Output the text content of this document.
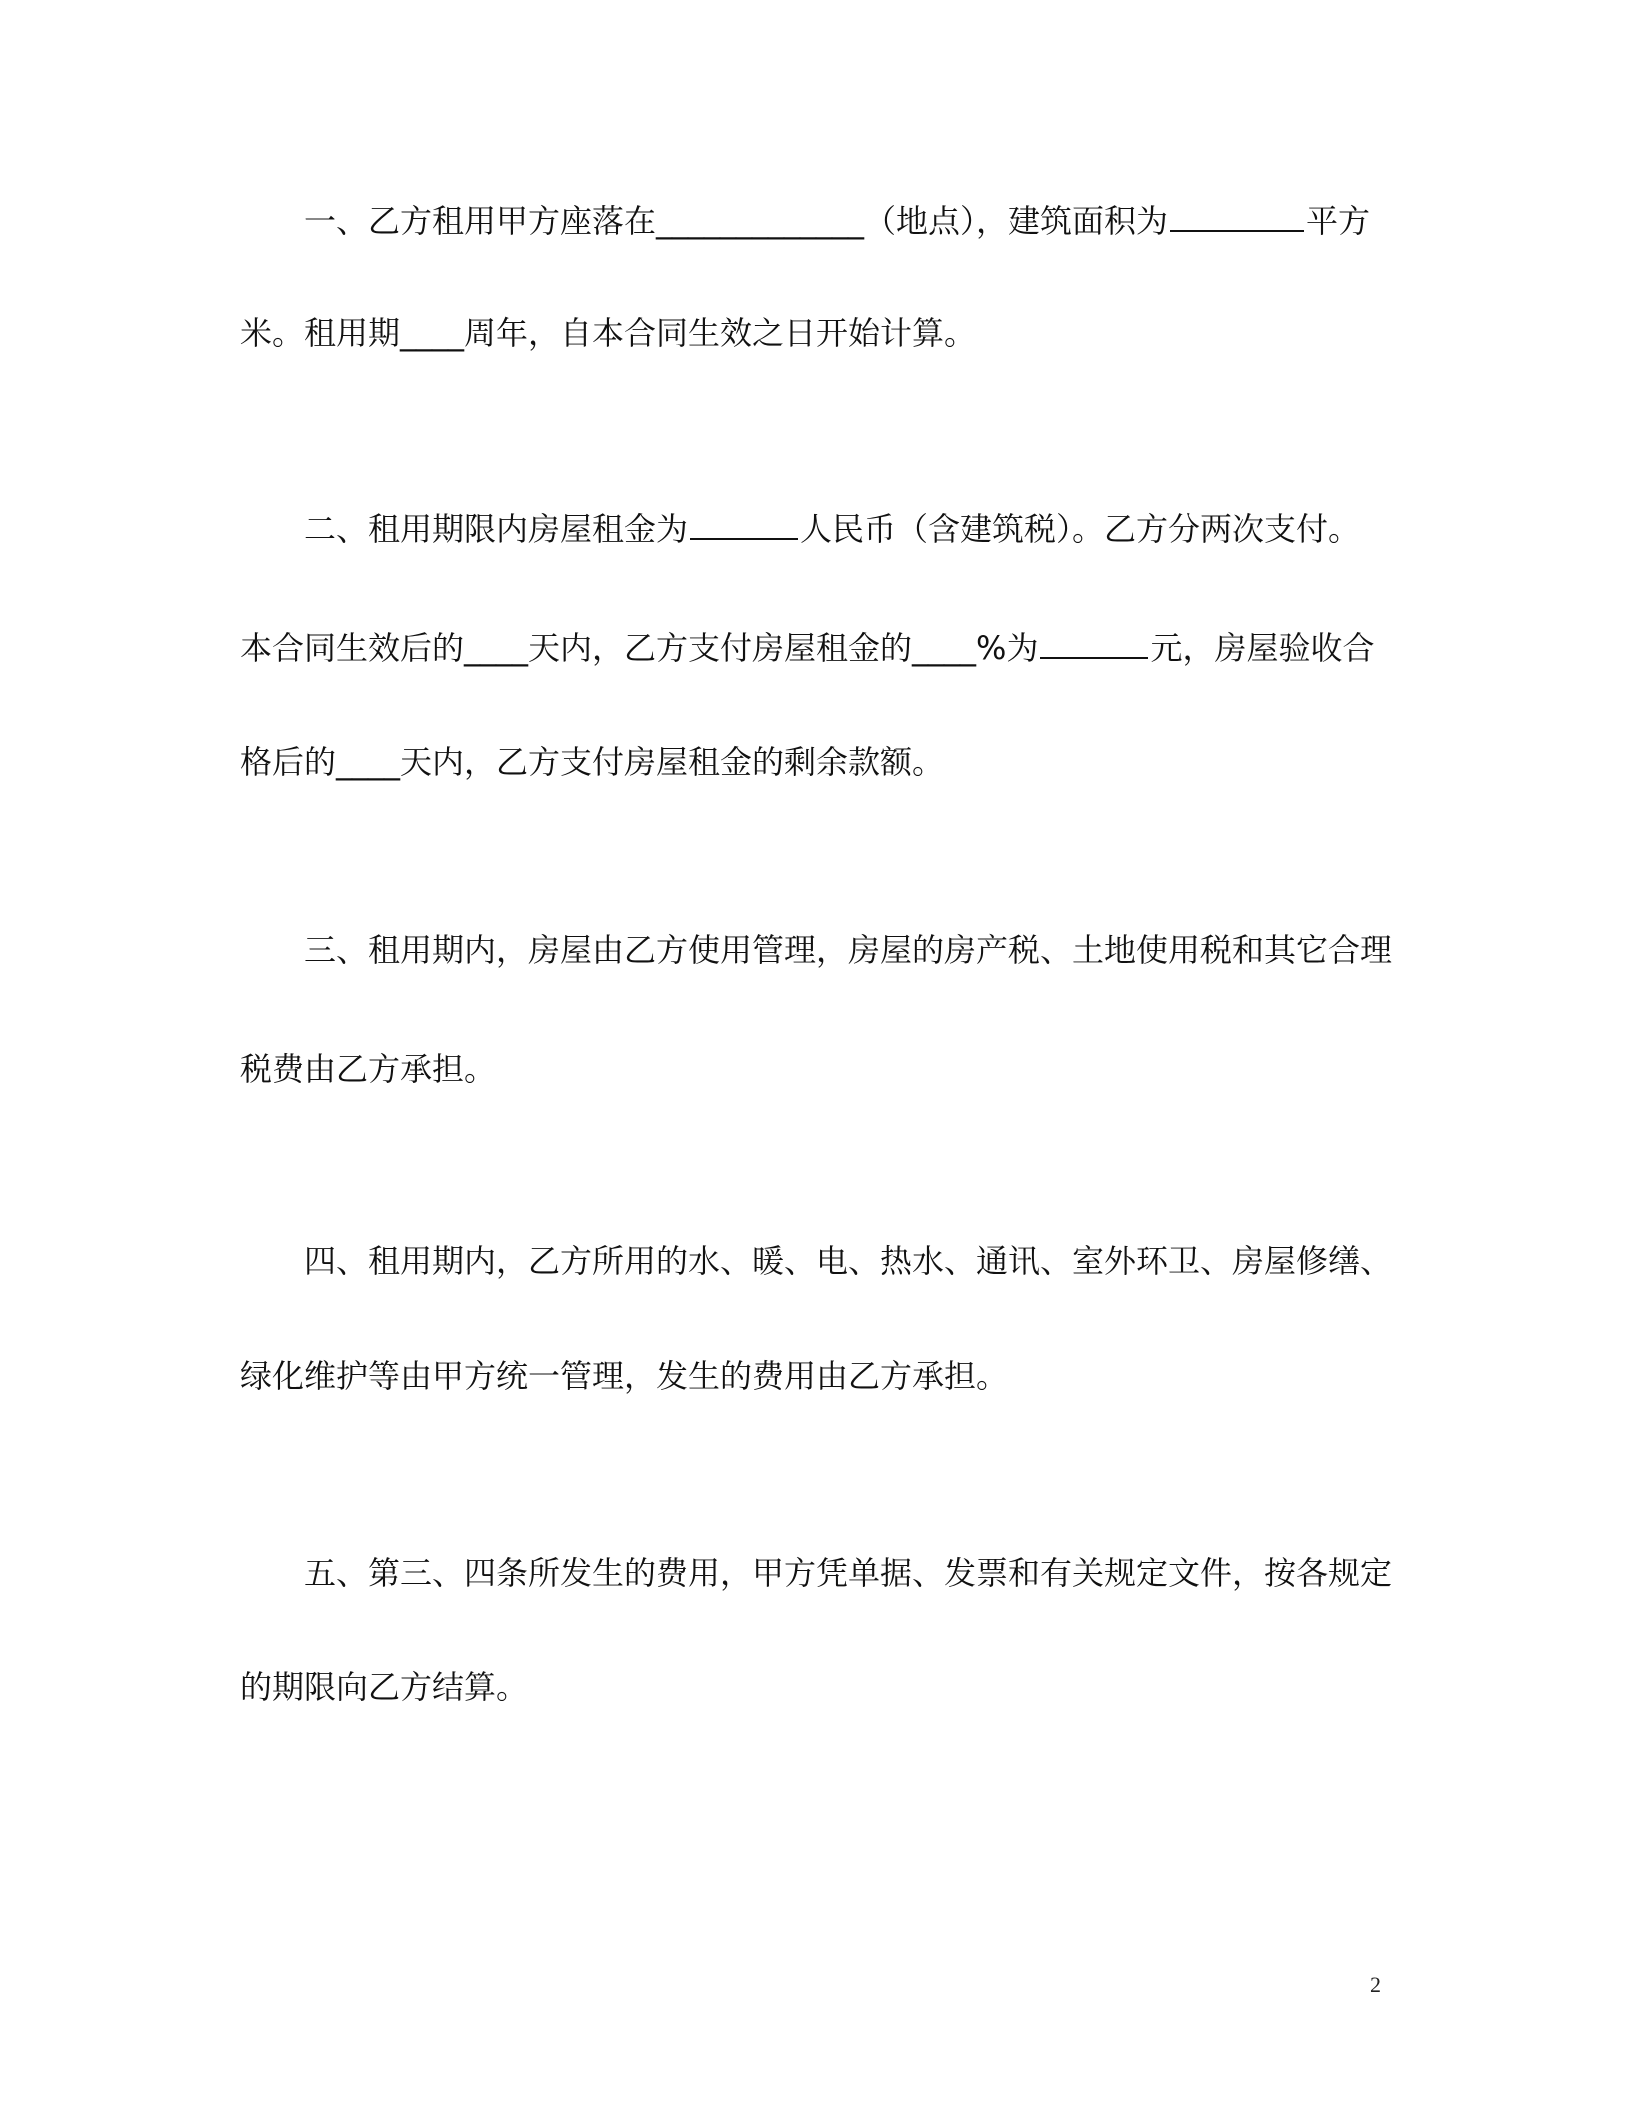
一、乙方租用甲方座落在_____________（地点），建筑面积为	平方
米。租用期____周年，自本合同生效之日开始计算。
二、租用期限内房屋租金为	人民币（含建筑税）。乙方分两次支付。
本合同生效后的____天内，乙方支付房屋租金的____%为	元，房屋验收合
格后的____天内，乙方支付房屋租金的剩余款额。
三、租用期内，房屋由乙方使用管理，房屋的房产税、土地使用税和其它合理
税费由乙方承担。
四、租用期内，乙方所用的水、暖、电、热水、通讯、室外环卫、房屋修缮、
绿化维护等由甲方统一管理，发生的费用由乙方承担。
五、第三、四条所发生的费用，甲方凭单据、发票和有关规定文件，按各规定
的期限向乙方结算。
2
